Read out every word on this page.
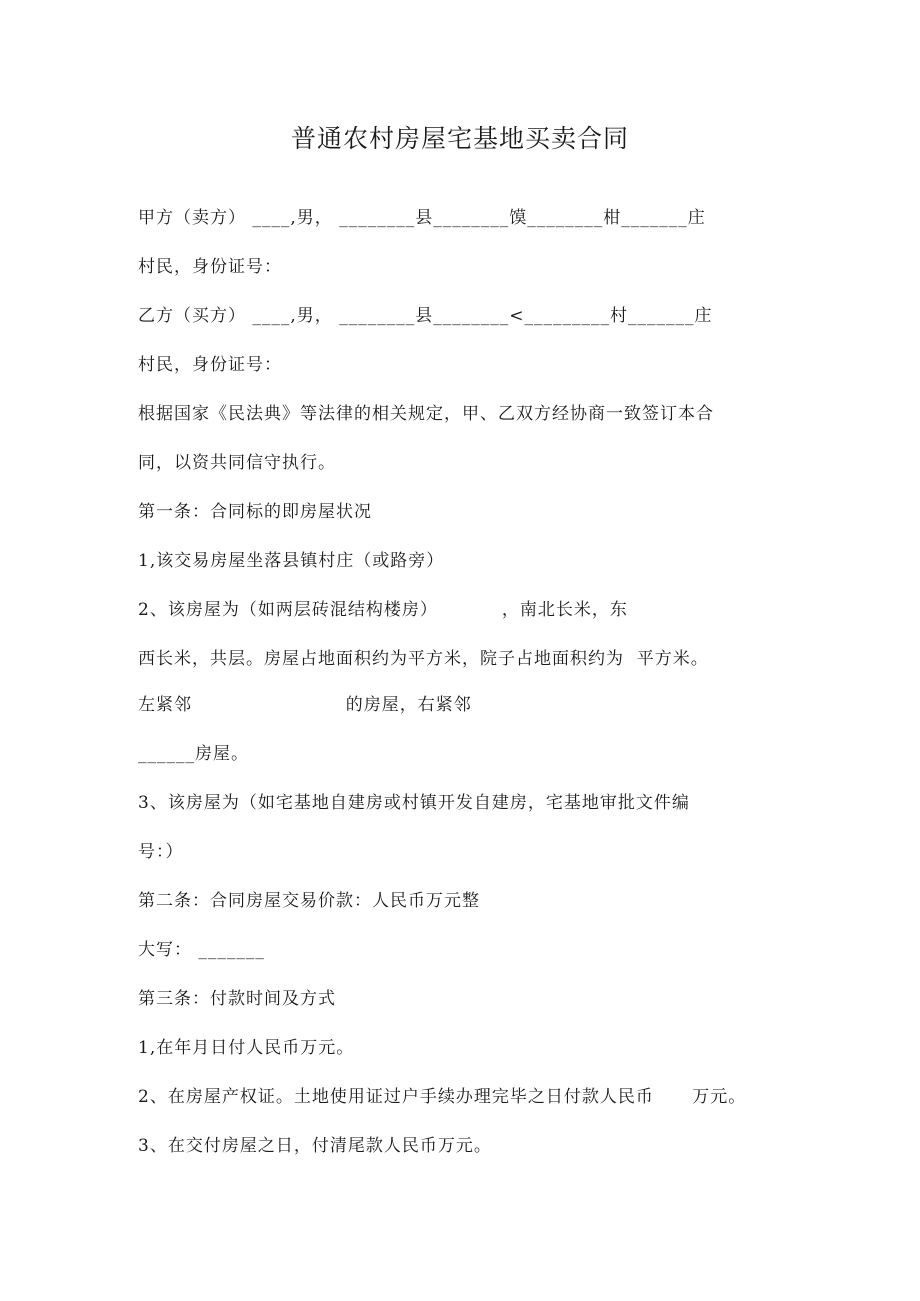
普通农村房屋宅基地买卖合同
甲方（卖方） ____,男， ________县________馍________柑_______庄
村民，身份证号：
乙方（买方） ____,男， ________县________<_________村_______庄
村民，身份证号：
根据国家《民法典》等法律的相关规定，甲、乙双方经协商一致签订本合
同，以资共同信守执行。
第一条：合同标的即房屋状况
1,该交易房屋坐落县镇村庄（或路旁）
2、该房屋为（如两层砖混结构楼房）          ，南北长米，东
西长米，共层。房屋占地面积约为平方米，院子占地面积约为  平方米。
左紧邻                        的房屋，右紧邻
______房屋。
3、该房屋为（如宅基地自建房或村镇开发自建房，宅基地审批文件编
号：）
第二条：合同房屋交易价款：人民币万元整
大写： _______
第三条：付款时间及方式
1,在年月日付人民币万元。
2、在房屋产权证。土地使用证过户手续办理完毕之日付款人民币      万元。
3、在交付房屋之日，付清尾款人民币万元。
